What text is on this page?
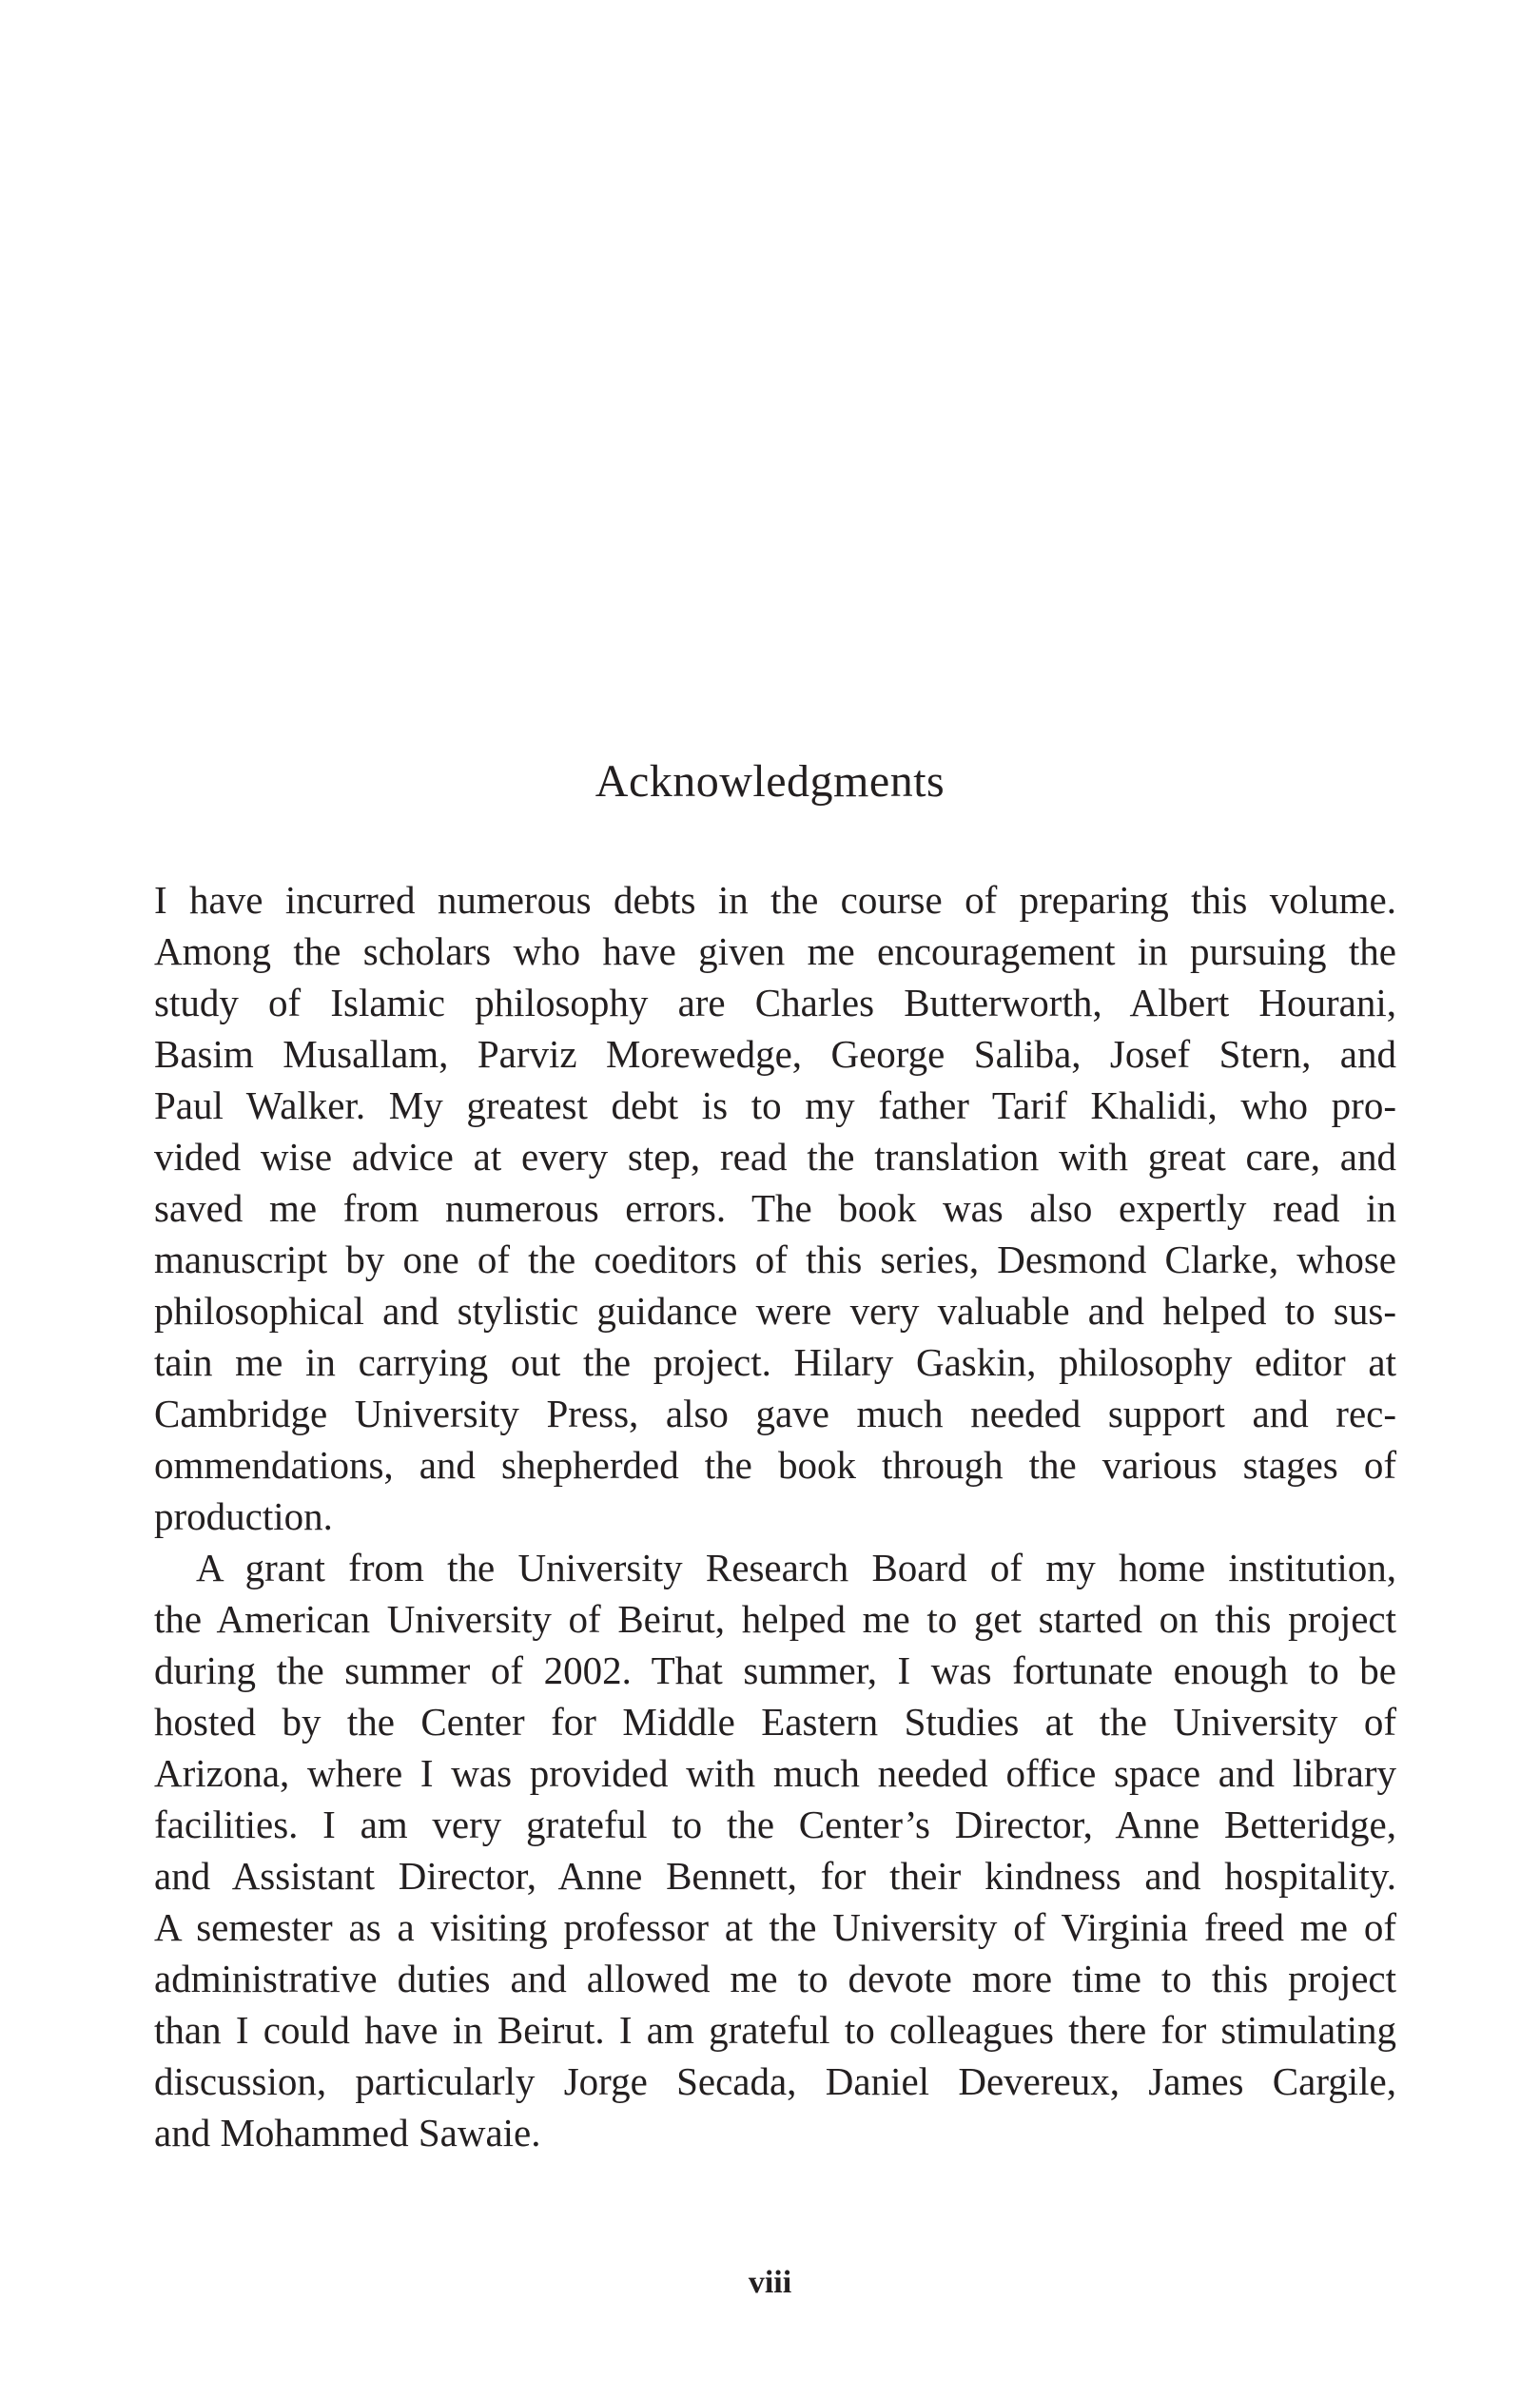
Acknowledgments
I have incurred numerous debts in the course of preparing this volume.
Among the scholars who have given me encouragement in pursuing the
study of Islamic philosophy are Charles Butterworth, Albert Hourani,
Basim Musallam, Parviz Morewedge, George Saliba, Josef Stern, and
Paul Walker. My greatest debt is to my father Tarif Khalidi, who pro-
vided wise advice at every step, read the translation with great care, and
saved me from numerous errors. The book was also expertly read in
manuscript by one of the coeditors of this series, Desmond Clarke, whose
philosophical and stylistic guidance were very valuable and helped to sus-
tain me in carrying out the project. Hilary Gaskin, philosophy editor at
Cambridge University Press, also gave much needed support and rec-
ommendations, and shepherded the book through the various stages of
production.
A grant from the University Research Board of my home institution,
the American University of Beirut, helped me to get started on this project
during the summer of 2002. That summer, I was fortunate enough to be
hosted by the Center for Middle Eastern Studies at the University of
Arizona, where I was provided with much needed office space and library
facilities. I am very grateful to the Center’s Director, Anne Betteridge,
and Assistant Director, Anne Bennett, for their kindness and hospitality.
A semester as a visiting professor at the University of Virginia freed me of
administrative duties and allowed me to devote more time to this project
than I could have in Beirut. I am grateful to colleagues there for stimulating
discussion, particularly Jorge Secada, Daniel Devereux, James Cargile,
and Mohammed Sawaie.
viii
